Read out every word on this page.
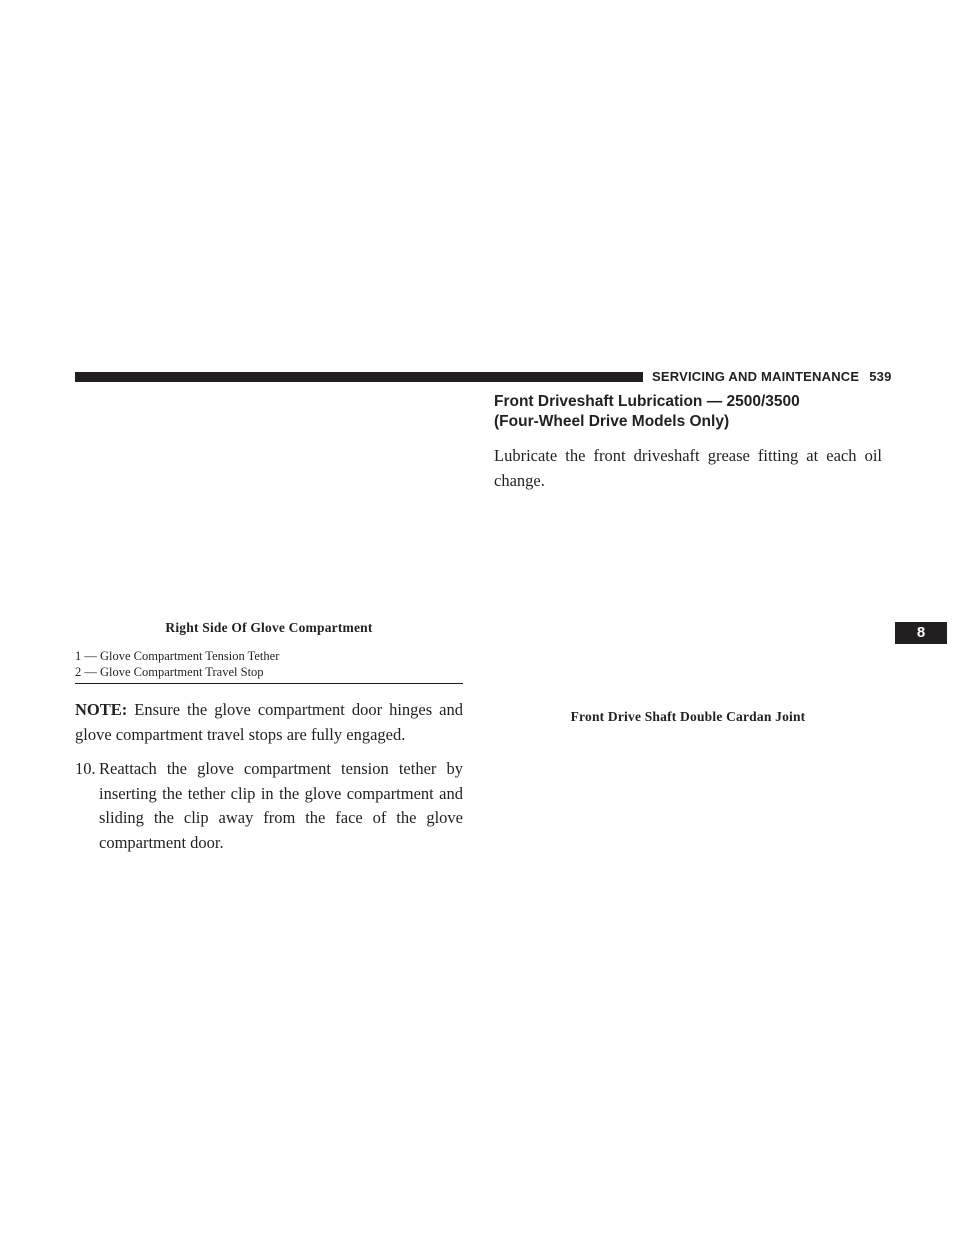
SERVICING AND MAINTENANCE 539

Right Side Of Glove Compartment

1 — Glove Compartment Tension Tether

2 — Glove Compartment Travel Stop

NOTE: Ensure the glove compartment door hinges and glove compartment travel stops are fully engaged.

10. Reattach the glove compartment tension tether by inserting the tether clip in the glove compartment and sliding the clip away from the face of the glove compartment door.
Front Driveshaft Lubrication — 2500/3500
(Four-Wheel Drive Models Only)

Lubricate the front driveshaft grease fitting at each oil change.

Front Drive Shaft Double Cardan Joint

8
